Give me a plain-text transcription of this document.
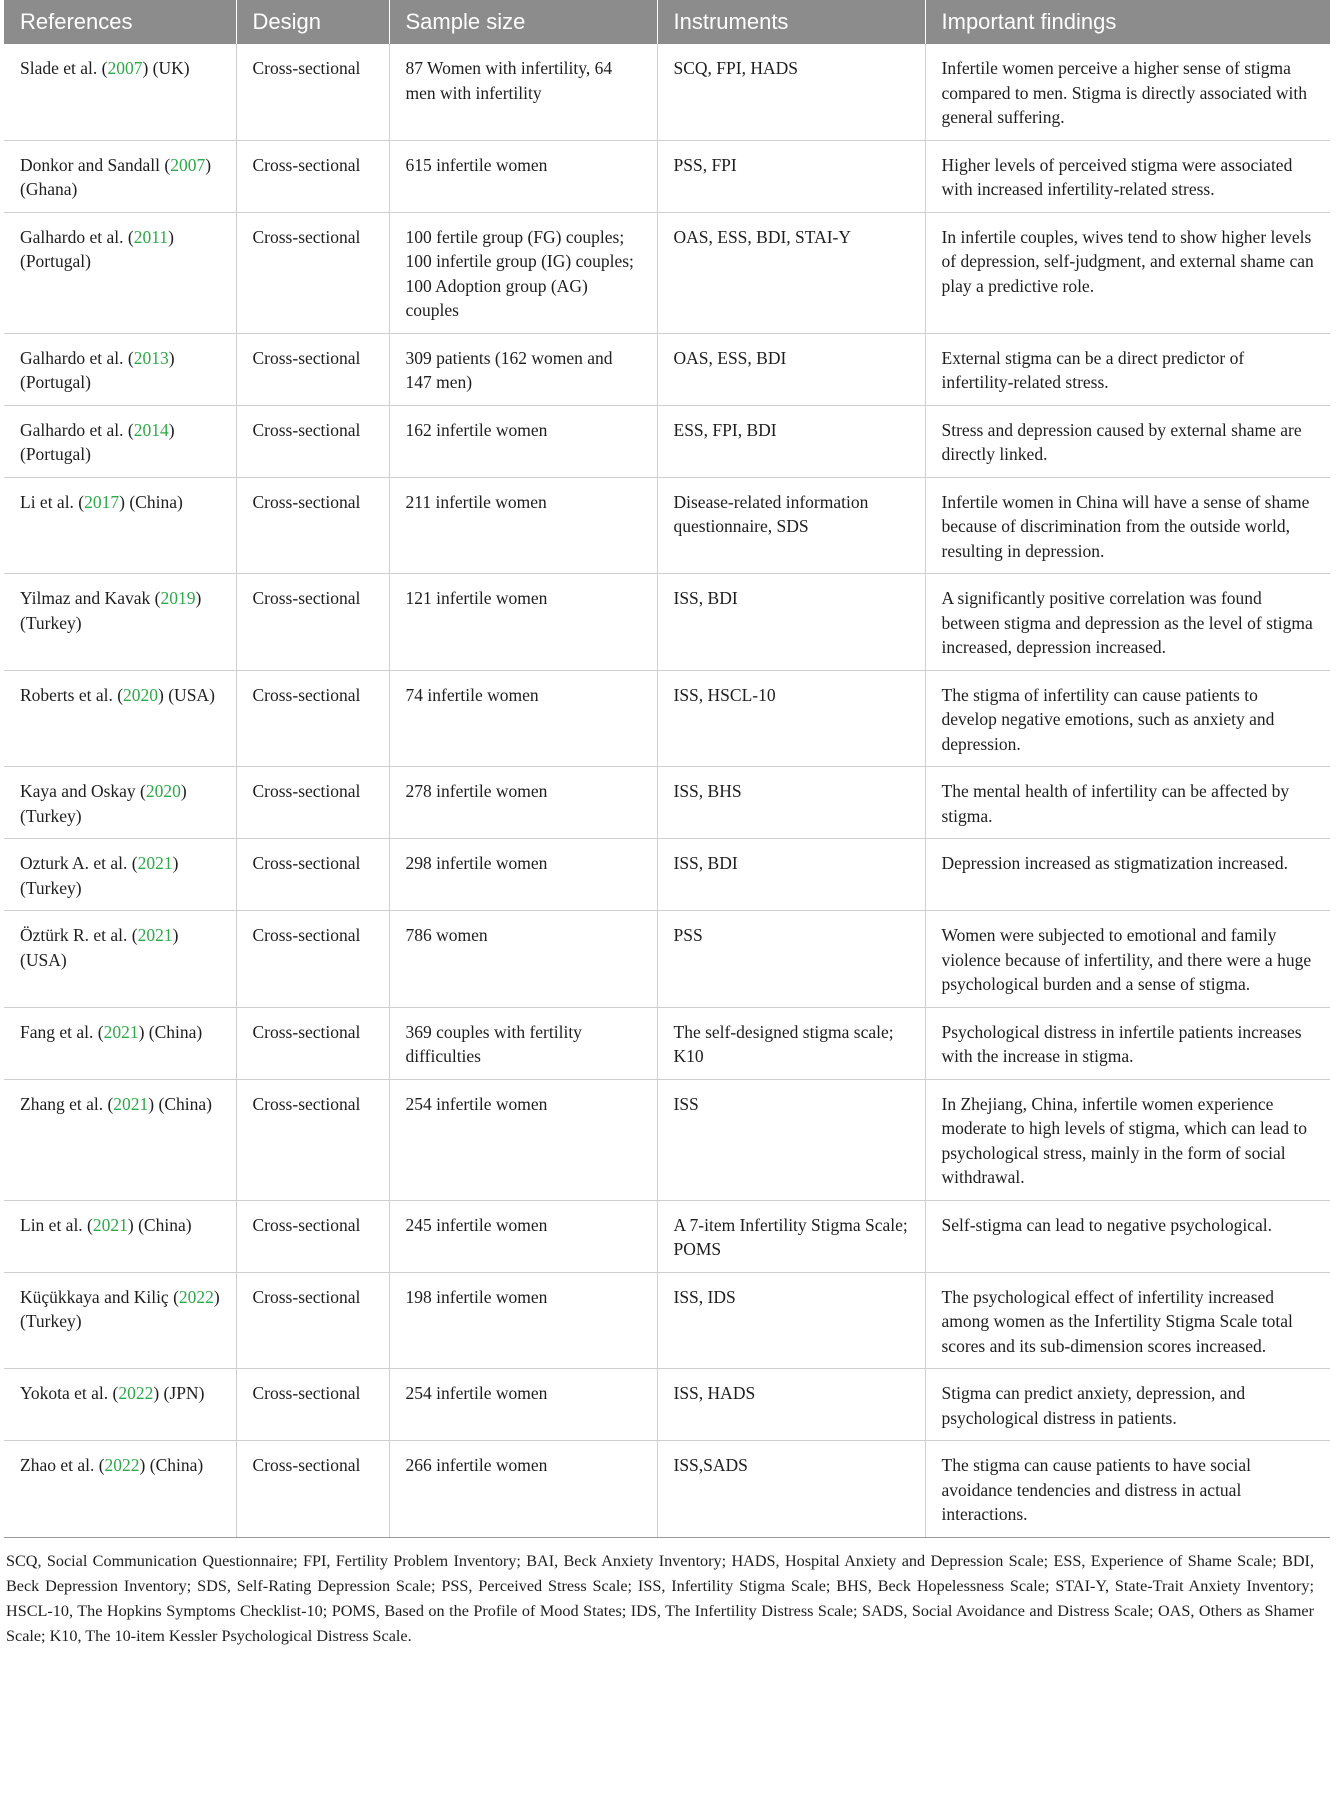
References	Design	Sample size	Instruments	Important findings
Slade et al. (2007) (UK)	Cross-sectional	87 Women with infertility, 64 men with infertility	SCQ, FPI, HADS	Infertile women perceive a higher sense of stigma compared to men. Stigma is directly associated with general suffering.
Donkor and Sandall (2007) (Ghana)	Cross-sectional	615 infertile women	PSS, FPI	Higher levels of perceived stigma were associated with increased infertility-related stress.
Galhardo et al. (2011) (Portugal)	Cross-sectional	100 fertile group (FG) couples; 100 infertile group (IG) couples; 100 Adoption group (AG) couples	OAS, ESS, BDI, STAI-Y	In infertile couples, wives tend to show higher levels of depression, self-judgment, and external shame can play a predictive role.
Galhardo et al. (2013) (Portugal)	Cross-sectional	309 patients (162 women and 147 men)	OAS, ESS, BDI	External stigma can be a direct predictor of infertility-related stress.
Galhardo et al. (2014) (Portugal)	Cross-sectional	162 infertile women	ESS, FPI, BDI	Stress and depression caused by external shame are directly linked.
Li et al. (2017) (China)	Cross-sectional	211 infertile women	Disease-related information questionnaire, SDS	Infertile women in China will have a sense of shame because of discrimination from the outside world, resulting in depression.
Yilmaz and Kavak (2019) (Turkey)	Cross-sectional	121 infertile women	ISS, BDI	A significantly positive correlation was found between stigma and depression as the level of stigma increased, depression increased.
Roberts et al. (2020) (USA)	Cross-sectional	74 infertile women	ISS, HSCL-10	The stigma of infertility can cause patients to develop negative emotions, such as anxiety and depression.
Kaya and Oskay (2020) (Turkey)	Cross-sectional	278 infertile women	ISS, BHS	The mental health of infertility can be affected by stigma.
Ozturk A. et al. (2021) (Turkey)	Cross-sectional	298 infertile women	ISS, BDI	Depression increased as stigmatization increased.
Öztürk R. et al. (2021) (USA)	Cross-sectional	786 women	PSS	Women were subjected to emotional and family violence because of infertility, and there were a huge psychological burden and a sense of stigma.
Fang et al. (2021) (China)	Cross-sectional	369 couples with fertility difficulties	The self-designed stigma scale; K10	Psychological distress in infertile patients increases with the increase in stigma.
Zhang et al. (2021) (China)	Cross-sectional	254 infertile women	ISS	In Zhejiang, China, infertile women experience moderate to high levels of stigma, which can lead to psychological stress, mainly in the form of social withdrawal.
Lin et al. (2021) (China)	Cross-sectional	245 infertile women	A 7-item Infertility Stigma Scale; POMS	Self-stigma can lead to negative psychological.
Küçükkaya and Kiliç (2022) (Turkey)	Cross-sectional	198 infertile women	ISS, IDS	The psychological effect of infertility increased among women as the Infertility Stigma Scale total scores and its sub-dimension scores increased.
Yokota et al. (2022) (JPN)	Cross-sectional	254 infertile women	ISS, HADS	Stigma can predict anxiety, depression, and psychological distress in patients.
Zhao et al. (2022) (China)	Cross-sectional	266 infertile women	ISS,SADS	The stigma can cause patients to have social avoidance tendencies and distress in actual interactions.
SCQ, Social Communication Questionnaire; FPI, Fertility Problem Inventory; BAI, Beck Anxiety Inventory; HADS, Hospital Anxiety and Depression Scale; ESS, Experience of Shame Scale; BDI, Beck Depression Inventory; SDS, Self-Rating Depression Scale; PSS, Perceived Stress Scale; ISS, Infertility Stigma Scale; BHS, Beck Hopelessness Scale; STAI-Y, State-Trait Anxiety Inventory; HSCL-10, The Hopkins Symptoms Checklist-10; POMS, Based on the Profile of Mood States; IDS, The Infertility Distress Scale; SADS, Social Avoidance and Distress Scale; OAS, Others as Shamer Scale; K10, The 10-item Kessler Psychological Distress Scale.
